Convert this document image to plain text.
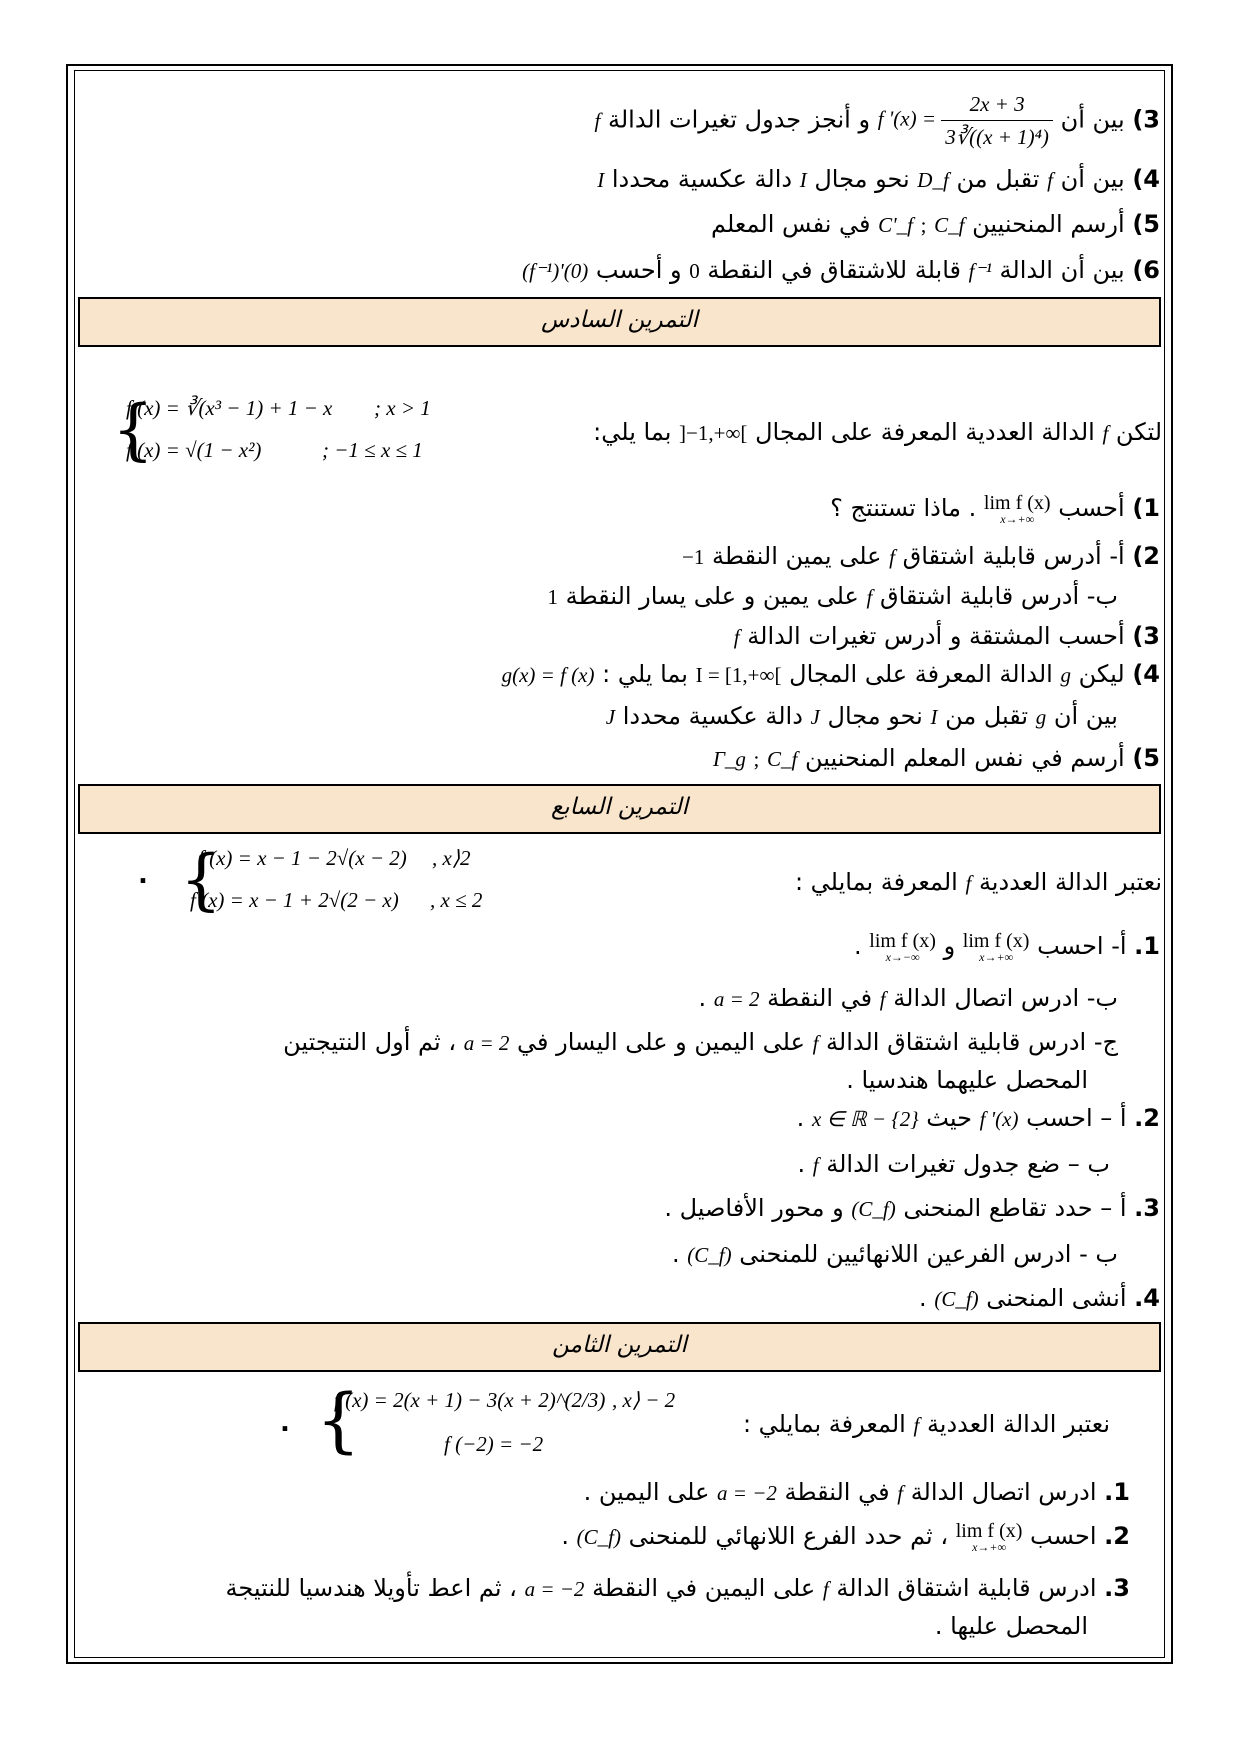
3) بين أن f '$(x) = \frac{2x + 3}{\text{3∛((x + 1)⁴)}}$
و أنجز جدول تغيرات الدالة f
4) بين أن f تقبل من D_f نحو مجال I دالة عكسية محددا I
5) أرسم المنحنيين C_f ; C'_f في نفس المعلم
6) بين أن الدالة f⁻¹ قابلة للاشتقاق في النقطة 0 و أحسب (f⁻¹)'(0)
التمرين السادس
{
f (x) = ∛(x³ − 1) + 1 − x ; x > 1
f (x) = √(1 − x²)	; −1 ≤ x ≤ 1
لتكن f الدالة العددية المعرفة على المجال ]−1,+∞[ بما يلي:
1) أحسب
lim f (x)
x→+∞
. ماذا تستنتج ؟
2) أ- أدرس قابلية اشتقاق f على يمين النقطة −1
ب- أدرس قابلية اشتقاق f على يمين و على يسار النقطة 1
3) أحسب المشتقة و أدرس تغيرات الدالة f
4) ليكن g الدالة المعرفة على المجال I = [1,+∞[ بما يلي : g(x) = f (x)
بين أن g تقبل من I نحو مجال J دالة عكسية محددا J
5) أرسم في نفس المعلم المنحنيين C_f ; Γ_g
التمرين السابع
{
f (x) = x − 1 − 2√(x − 2) , x⟩2
f (x) = x − 1 + 2√(2 − x) , x ≤ 2
.	نعتبر الدالة العددية f المعرفة بمايلي :
1. أ- احسب
lim f (x)
x→+∞
و
lim f (x)
x→−∞
.
ب- ادرس اتصال الدالة f في النقطة a = 2 .
ج- ادرس قابلية اشتقاق الدالة f على اليمين و على اليسار في a = 2 ، ثم أول النتيجتين
المحصل عليهما هندسيا .
2. أ – احسب f '(x) حيث x ∈ ℝ − {2} .
ب – ضع جدول تغيرات الدالة f .
3. أ – حدد تقاطع المنحنى (C_f) و محور الأفاصيل .
ب - ادرس الفرعين اللانهائيين للمنحنى (C_f) .
4. أنشى المنحنى (C_f) .
التمرين الثامن
{
f (x) = 2(x + 1) − 3(x + 2)^(2/3) , x⟩ − 2
f (−2) = −2
.	نعتبر الدالة العددية f المعرفة بمايلي :
1. ادرس اتصال الدالة f في النقطة a = −2 على اليمين .
2. احسب
lim f (x)
x→+∞
، ثم حدد الفرع اللانهائي للمنحنى (C_f) .
3. ادرس قابلية اشتقاق الدالة f على اليمين في النقطة a = −2 ، ثم اعط تأويلا هندسيا للنتيجة
المحصل عليها .
